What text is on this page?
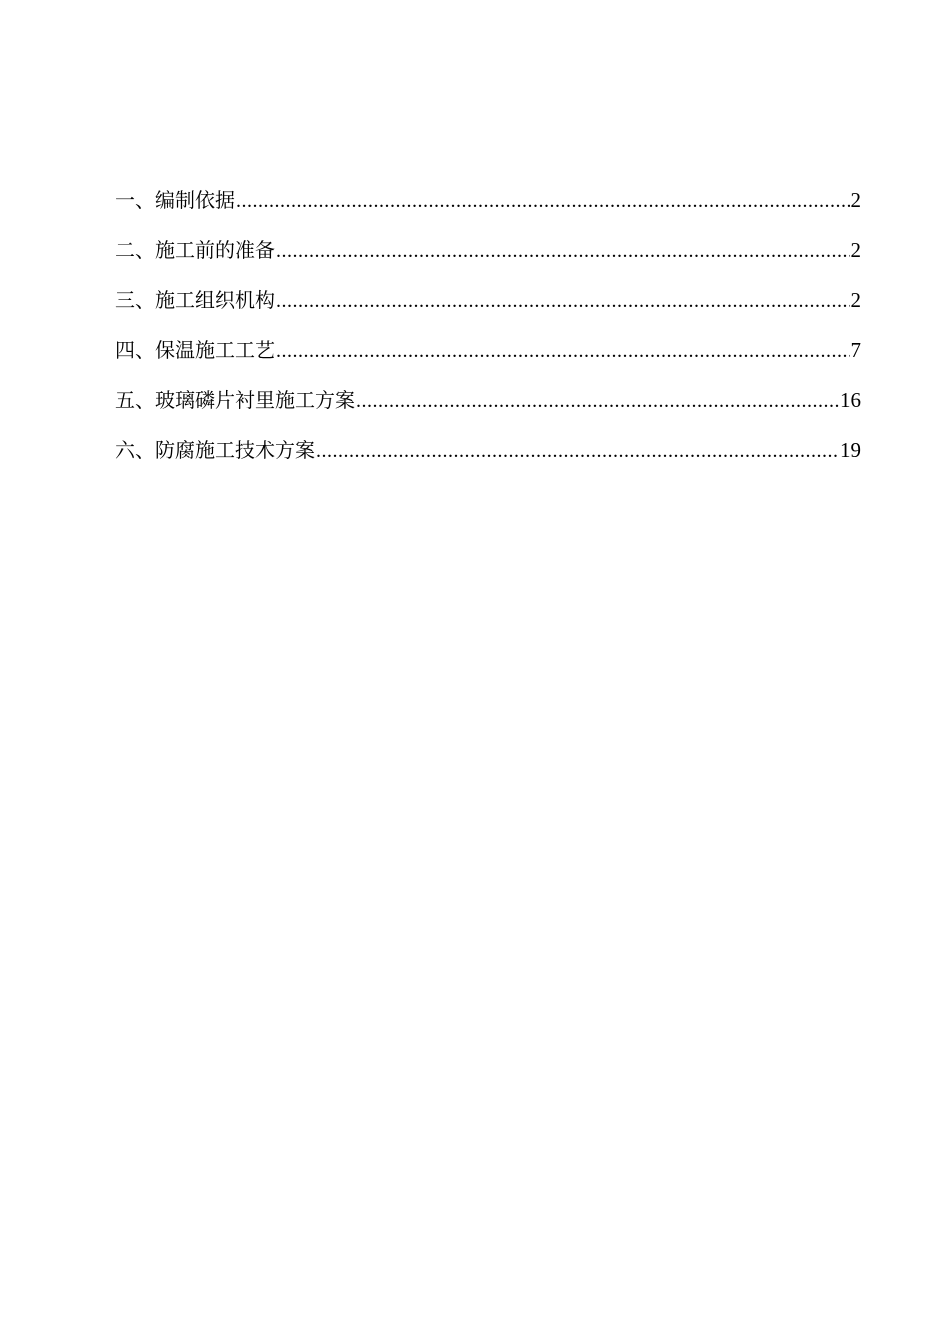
一、编制依据 .....	2
二、施工前的准备 .....	2
三、施工组织机构 .....	2
四、保温施工工艺 .....	7
五、玻璃磷片衬里施工方案 .....	16
六、防腐施工技术方案 .....	19
